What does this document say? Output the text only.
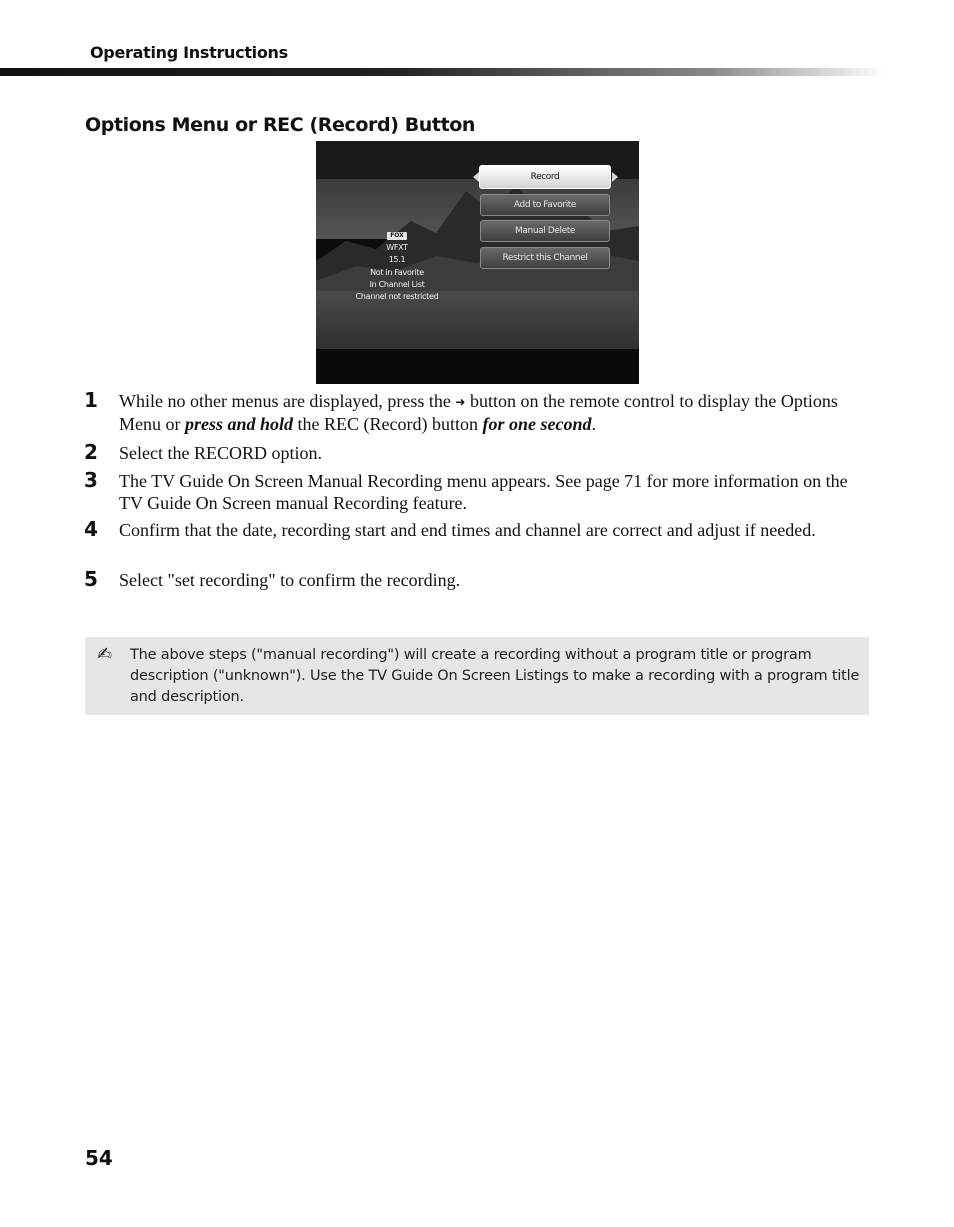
Operating Instructions
Options Menu or REC (Record) Button
FOX
WFXT
15.1
Not in Favorite
In Channel List
Channel not restricted
Record
Add to Favorite
Manual Delete
Restrict this Channel
1 While no other menus are displayed, press the ➜ button on the remote control to display the Options Menu or press and hold the REC (Record) button for one second.
2 Select the RECORD option.
3 The TV Guide On Screen Manual Recording menu appears. See page 71 for more information on the TV Guide On Screen manual Recording feature.
4 Confirm that the date, recording start and end times and channel are correct and adjust if needed.
5 Select "set recording" to confirm the recording.
✍ The above steps ("manual recording") will create a recording without a program title or program description ("unknown"). Use the TV Guide On Screen Listings to make a recording with a program title and description.
54
